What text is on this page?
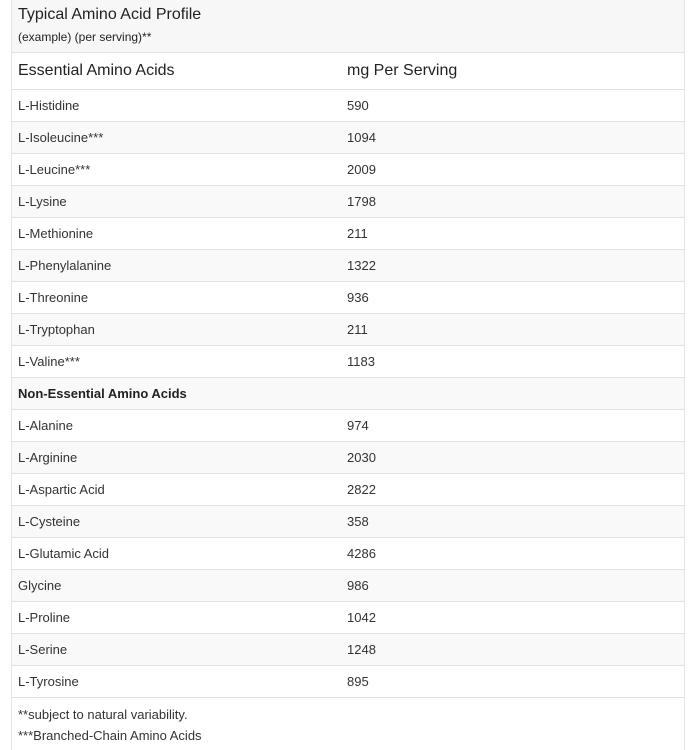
Typical Amino Acid Profile
(example) (per serving)**
Essential Amino Acids	mg Per Serving
L-Histidine	590
L-Isoleucine***	1094
L-Leucine***	2009
L-Lysine	1798
L-Methionine	211
L-Phenylalanine	1322
L-Threonine	936
L-Tryptophan	211
L-Valine***	1183
Non-Essential Amino Acids	
L-Alanine	974
L-Arginine	2030
L-Aspartic Acid	2822
L-Cysteine	358
L-Glutamic Acid	4286
Glycine	986
L-Proline	1042
L-Serine	1248
L-Tyrosine	895
**subject to natural variability.
***Branched-Chain Amino Acids
